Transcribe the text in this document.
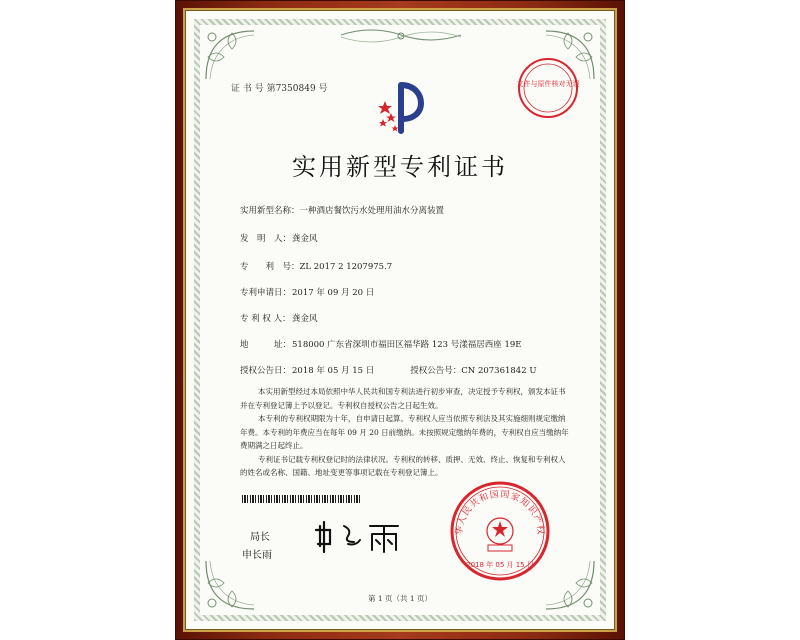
证 书 号 第7350849 号	文件与原件核对无误
实用新型专利证书
实用新型名称：一种酒店餐饮污水处理用油水分离装置
发　明　人：龚金风
专　　利　号：ZL 2017 2 1207975.7
专利申请日：2017 年 09 月 20 日
专 利 权 人：龚金风
地　　　址：518000 广东省深圳市福田区福华路 123 号漾福居西座 19E
授权公告日：2018 年 05 月 15 日	授权公告号：CN 207361842 U

本实用新型经过本局依照中华人民共和国专利法进行初步审查，决定授予专利权，颁发本证书并在专利登记簿上予以登记。专利权自授权公告之日起生效。

本专利的专利权期限为十年，自申请日起算。专利权人应当依照专利法及其实施细则规定缴纳年费。本专利的年费应当在每年 09 月 20 日前缴纳。未按照规定缴纳年费的，专利权自应当缴纳年费期满之日起终止。

专利证书记载专利权登记时的法律状况。专利权的转移、质押、无效、终止、恢复和专利权人的姓名或名称、国籍、地址变更等事项记载在专利登记簿上。

局长
申长雨
华人民共和国国家知识产权
2018 年 05 月 15 日
第 1 页（共 1 页）
